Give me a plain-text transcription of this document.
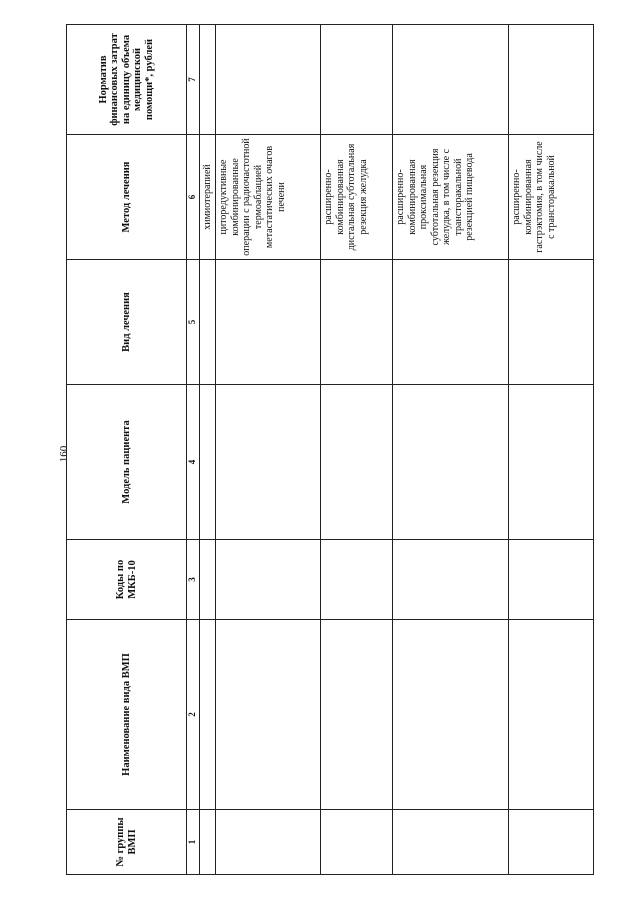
160
№ группы ВМП	Наименование вида ВМП	Коды по МКБ-10	Модель пациента	Вид лечения	Метод лечения	Норматив финансовых затрат на единицу объема медицинской помощи*, рублей
1	2	3	4	5	6	7
					химиотерапией	
					циторедуктивные комбинированные операции с радиочастотной термоаблацией метастатических очагов печени	
					расширенно-комбинированная дистальная субтотальная резекция желудка	
					расширенно-комбинированная проксимальная субтотальная резекция желудка, в том числе с трансторакальной резекцией пищевода	
					расширенно-комбинированная гастрэктомия, в том числе с трансторакальной	
